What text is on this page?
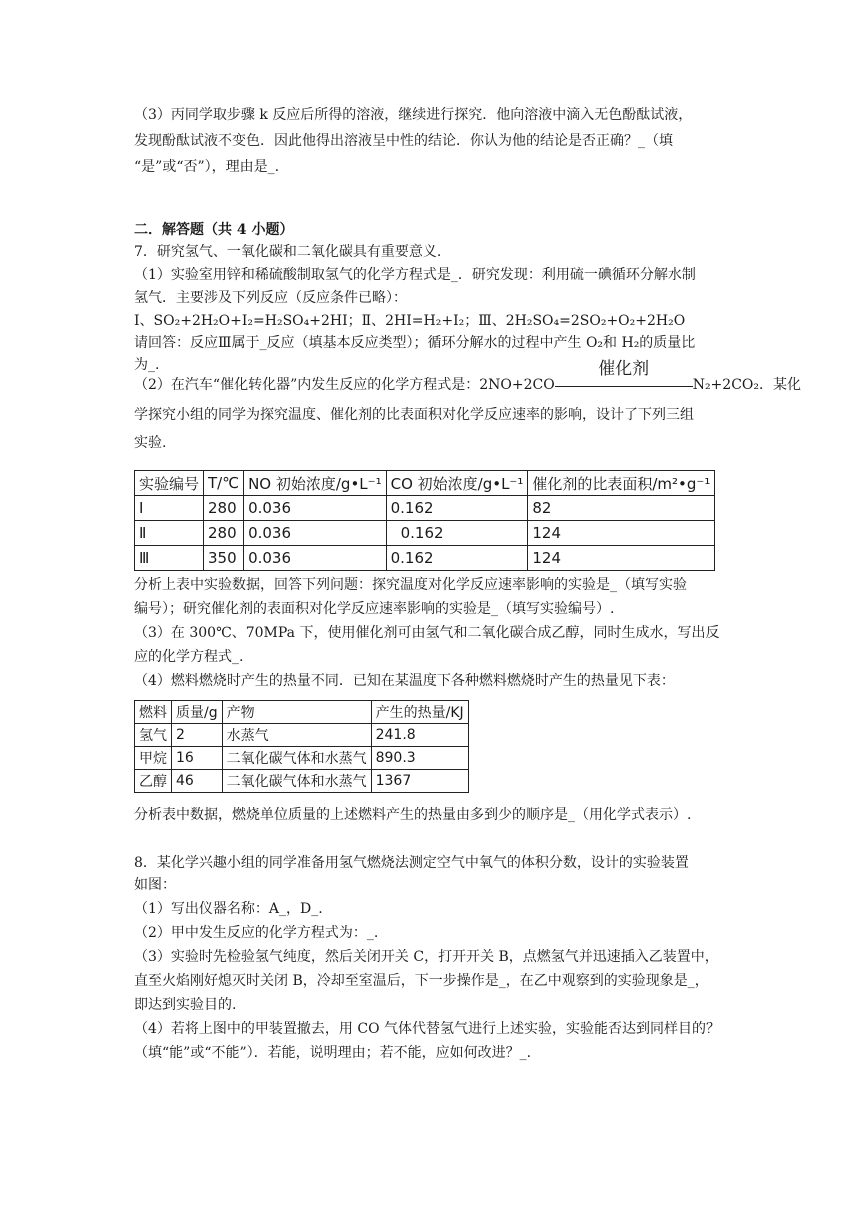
（3）丙同学取步骤 k 反应后所得的溶液，继续进行探究．他向溶液中滴入无色酚酞试液，
发现酚酞试液不变色．因此他得出溶液呈中性的结论．你认为他的结论是否正确？_（填
“是”或“否”），理由是_.
二．解答题（共 4 小题）
7．研究氢气、一氧化碳和二氧化碳具有重要意义.
（1）实验室用锌和稀硫酸制取氢气的化学方程式是_．研究发现：利用硫一碘循环分解水制
氢气．主要涉及下列反应（反应条件已略）：
Ⅰ、SO₂+2H₂O+I₂=H₂SO₄+2HI；Ⅱ、2HI=H₂+I₂；Ⅲ、2H₂SO₄=2SO₂+O₂+2H₂O
请回答：反应Ⅲ属于_反应（填基本反应类型）；循环分解水的过程中产生 O₂和 H₂的质量比
为_.
（2）在汽车“催化转化器”内发生反应的化学方程式是：2NO+2CO
催化剂
N₂+2CO₂．某化
学探究小组的同学为探究温度、催化剂的比表面积对化学反应速率的影响，设计了下列三组
实验.
实验编号	T/℃	NO 初始浓度/g•L⁻¹	CO 初始浓度/g•L⁻¹	催化剂的比表面积/m²•g⁻¹
Ⅰ	280	0.036	0.162	82
Ⅱ	280	0.036	0.162	124
Ⅲ	350	0.036	0.162	124
分析上表中实验数据，回答下列问题：探究温度对化学反应速率影响的实验是_（填写实验
编号）；研究催化剂的表面积对化学反应速率影响的实验是_（填写实验编号）.
（3）在 300℃、70MPa 下，使用催化剂可由氢气和二氧化碳合成乙醇，同时生成水，写出反
应的化学方程式_.
（4）燃料燃烧时产生的热量不同．已知在某温度下各种燃料燃烧时产生的热量见下表：
燃料	质量/g	产物	产生的热量/KJ
氢气	2	水蒸气	241.8
甲烷	16	二氧化碳气体和水蒸气	890.3
乙醇	46	二氧化碳气体和水蒸气	1367
分析表中数据，燃烧单位质量的上述燃料产生的热量由多到少的顺序是_（用化学式表示）.
8．某化学兴趣小组的同学准备用氢气燃烧法测定空气中氧气的体积分数，设计的实验装置
如图：
（1）写出仪器名称：A_，D_.
（2）甲中发生反应的化学方程式为：_.
（3）实验时先检验氢气纯度，然后关闭开关 C，打开开关 B，点燃氢气并迅速插入乙装置中，
直至火焰刚好熄灭时关闭 B，冷却至室温后，下一步操作是_，在乙中观察到的实验现象是_，
即达到实验目的.
（4）若将上图中的甲装置撤去，用 CO 气体代替氢气进行上述实验，实验能否达到同样目的？
（填“能”或“不能”）．若能，说明理由；若不能，应如何改进？_.
